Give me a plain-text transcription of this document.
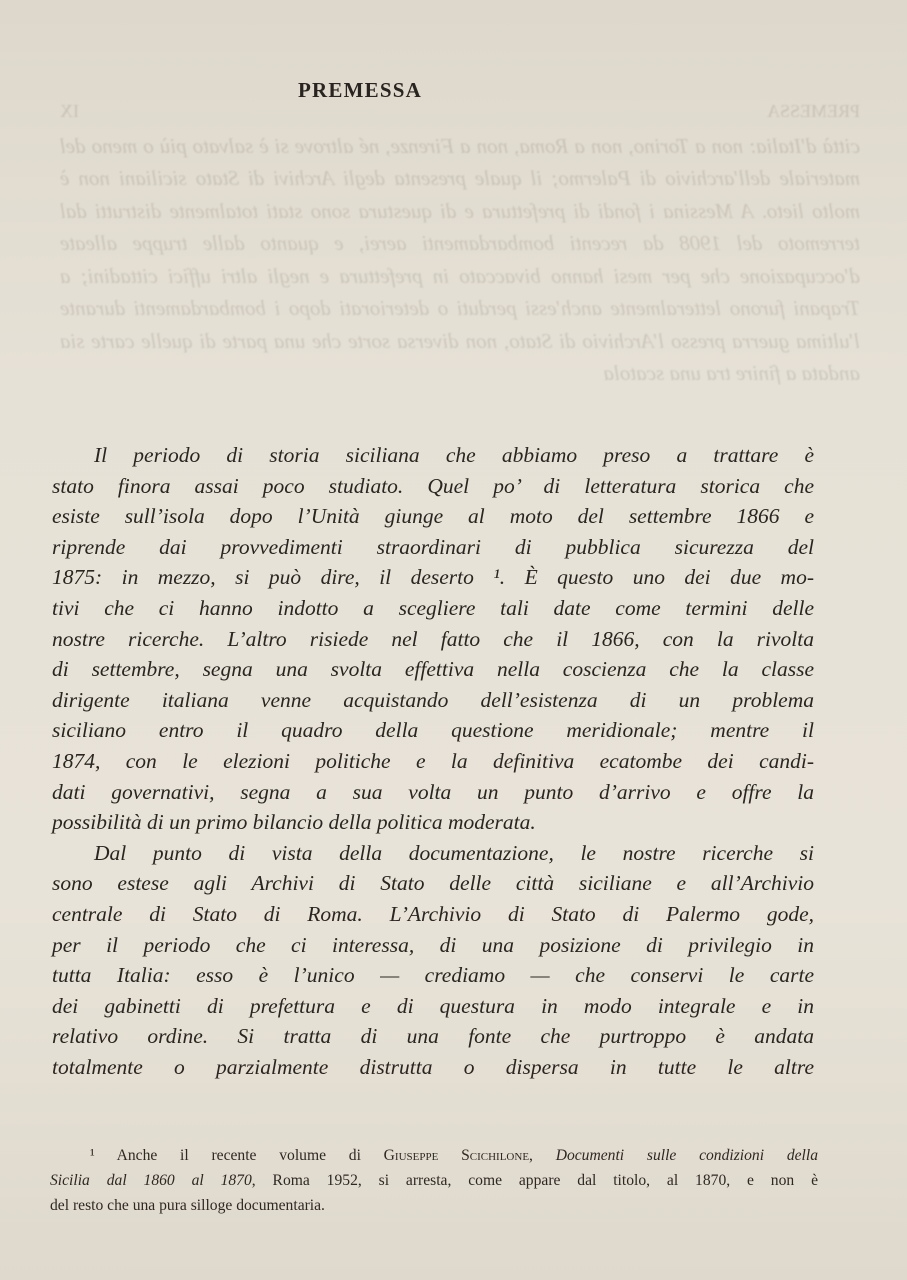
PREMESSA
IX
città d'Italia: non a Torino, non a Roma, non a Firenze, né altrove si è salvato più o meno del materiale dell'archivio di Palermo; il quale presenta degli Archivi di Stato siciliani non è molto lieto. A Messina i fondi di prefettura e di questura sono stati totalmente distrutti dal terremoto del 1908 da recenti bombardamenti aerei, e quanto dalle truppe alleate d'occupazione che per mesi hanno bivaccato in prefettura e negli altri uffici cittadini; a Trapani furono letteralmente anch'essi perduti o deteriorati dopo i bombardamenti durante l'ultima guerra presso l'Archivio di Stato, non diversa sorte che una parte di quelle carte sia andata a finire tra una scatola
PREMESSA
Il periodo di storia siciliana che abbiamo preso a trattare è
stato finora assai poco studiato. Quel po’ di letteratura storica che
esiste sull’isola dopo l’Unità giunge al moto del settembre 1866 e
riprende dai provvedimenti straordinari di pubblica sicurezza del
1875: in mezzo, si può dire, il deserto ¹. È questo uno dei due mo-
tivi che ci hanno indotto a scegliere tali date come termini delle
nostre ricerche. L’altro risiede nel fatto che il 1866, con la rivolta
di settembre, segna una svolta effettiva nella coscienza che la classe
dirigente italiana venne acquistando dell’esistenza di un problema
siciliano entro il quadro della questione meridionale; mentre il
1874, con le elezioni politiche e la definitiva ecatombe dei candi-
dati governativi, segna a sua volta un punto d’arrivo e offre la
possibilità di un primo bilancio della politica moderata.
Dal punto di vista della documentazione, le nostre ricerche si
sono estese agli Archivi di Stato delle città siciliane e all’Archivio
centrale di Stato di Roma. L’Archivio di Stato di Palermo gode,
per il periodo che ci interessa, di una posizione di privilegio in
tutta Italia: esso è l’unico — crediamo — che conservi le carte
dei gabinetti di prefettura e di questura in modo integrale e in
relativo ordine. Si tratta di una fonte che purtroppo è andata
totalmente o parzialmente distrutta o dispersa in tutte le altre
¹ Anche il recente volume di Giuseppe Scichilone, Documenti sulle condizioni della
Sicilia dal 1860 al 1870, Roma 1952, si arresta, come appare dal titolo, al 1870, e non è
del resto che una pura silloge documentaria.
